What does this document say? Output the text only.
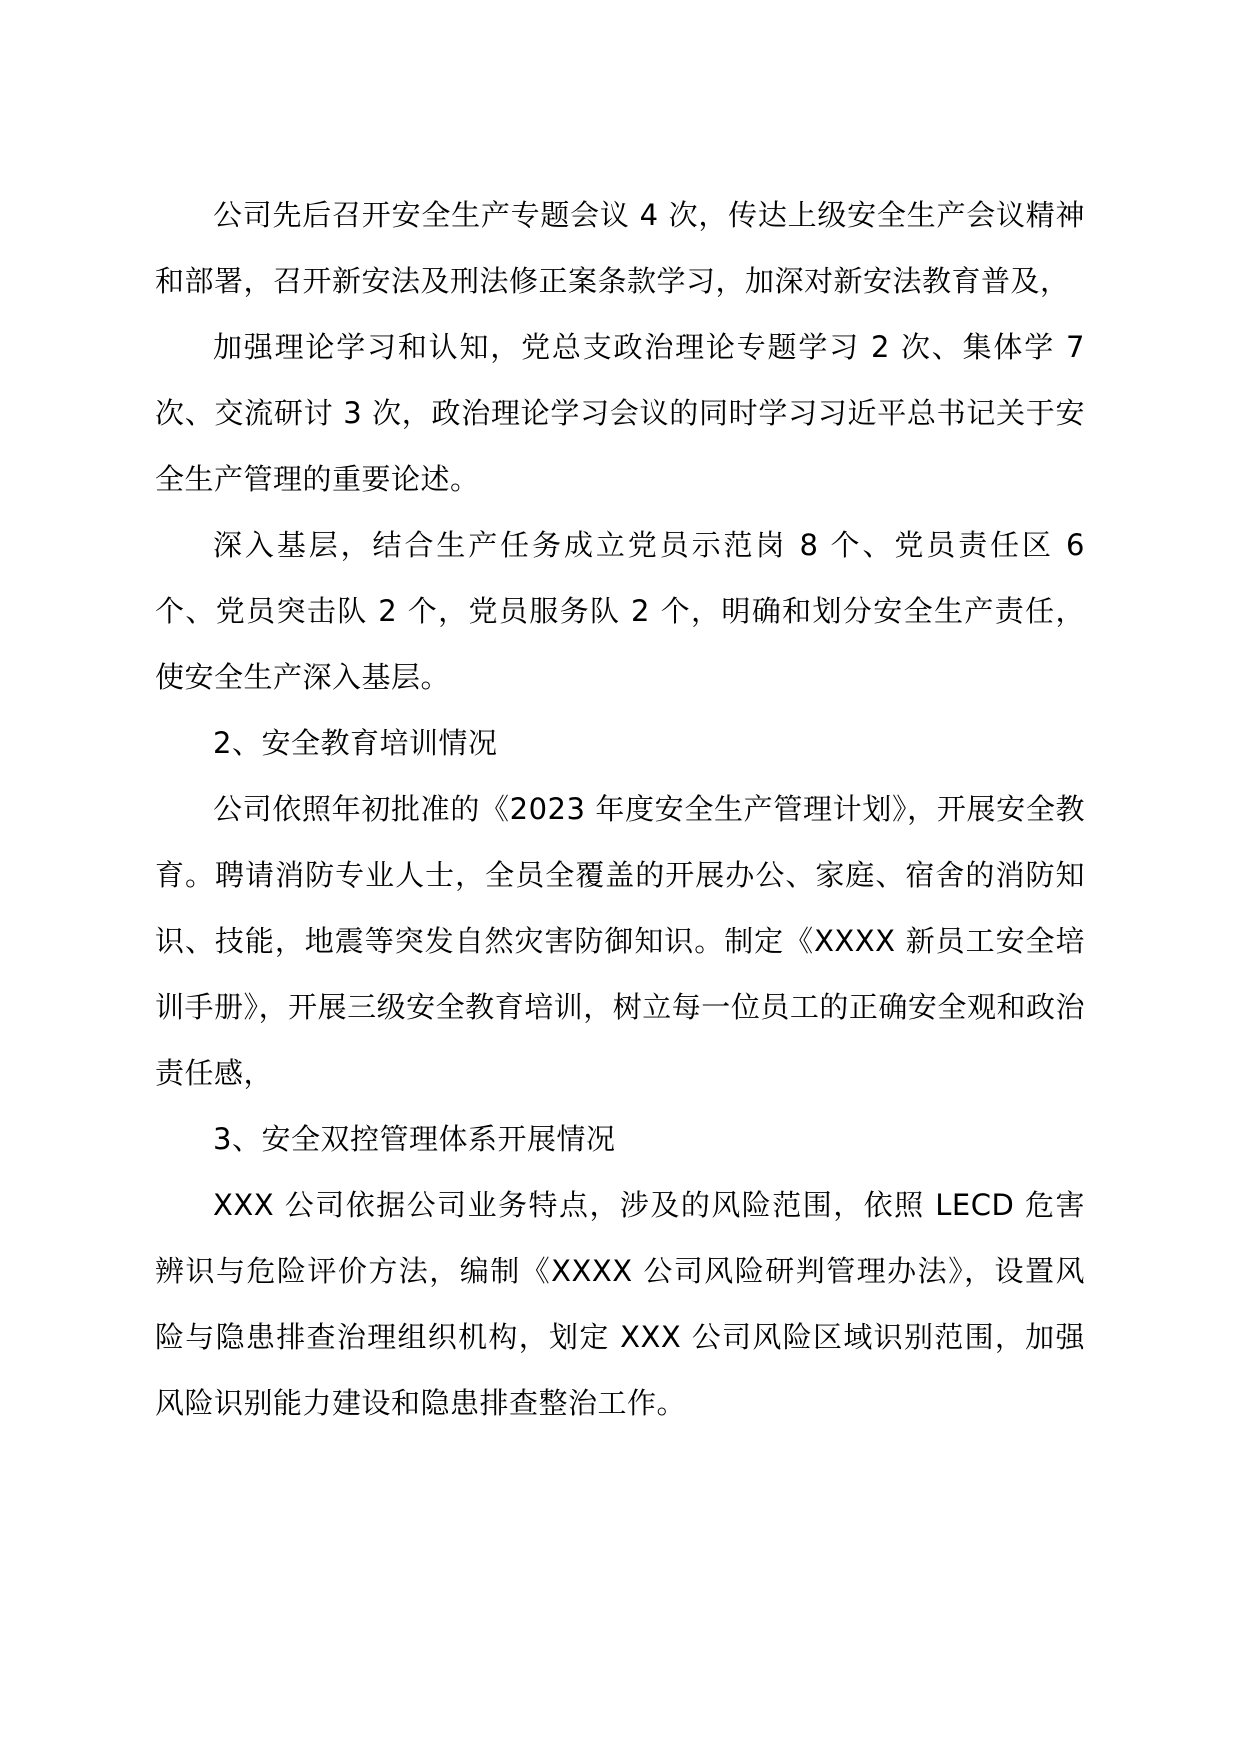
公司先后召开安全生产专题会议 4 次，传达上级安全生产会议精神和部署，召开新安法及刑法修正案条款学习，加深对新安法教育普及，

加强理论学习和认知，党总支政治理论专题学习 2 次、集体学 7 次、交流研讨 3 次，政治理论学习会议的同时学习习近平总书记关于安全生产管理的重要论述。

深入基层，结合生产任务成立党员示范岗 8 个、党员责任区 6 个、党员突击队 2 个，党员服务队 2 个，明确和划分安全生产责任，使安全生产深入基层。

2、安全教育培训情况

公司依照年初批准的《2023 年度安全生产管理计划》，开展安全教育。聘请消防专业人士，全员全覆盖的开展办公、家庭、宿舍的消防知识、技能，地震等突发自然灾害防御知识。制定《XXXX 新员工安全培训手册》，开展三级安全教育培训，树立每一位员工的正确安全观和政治责任感，

3、安全双控管理体系开展情况

XXX 公司依据公司业务特点，涉及的风险范围，依照 LECD 危害辨识与危险评价方法，编制《XXXX 公司风险研判管理办法》，设置风险与隐患排查治理组织机构，划定 XXX 公司风险区域识别范围，加强风险识别能力建设和隐患排查整治工作。
